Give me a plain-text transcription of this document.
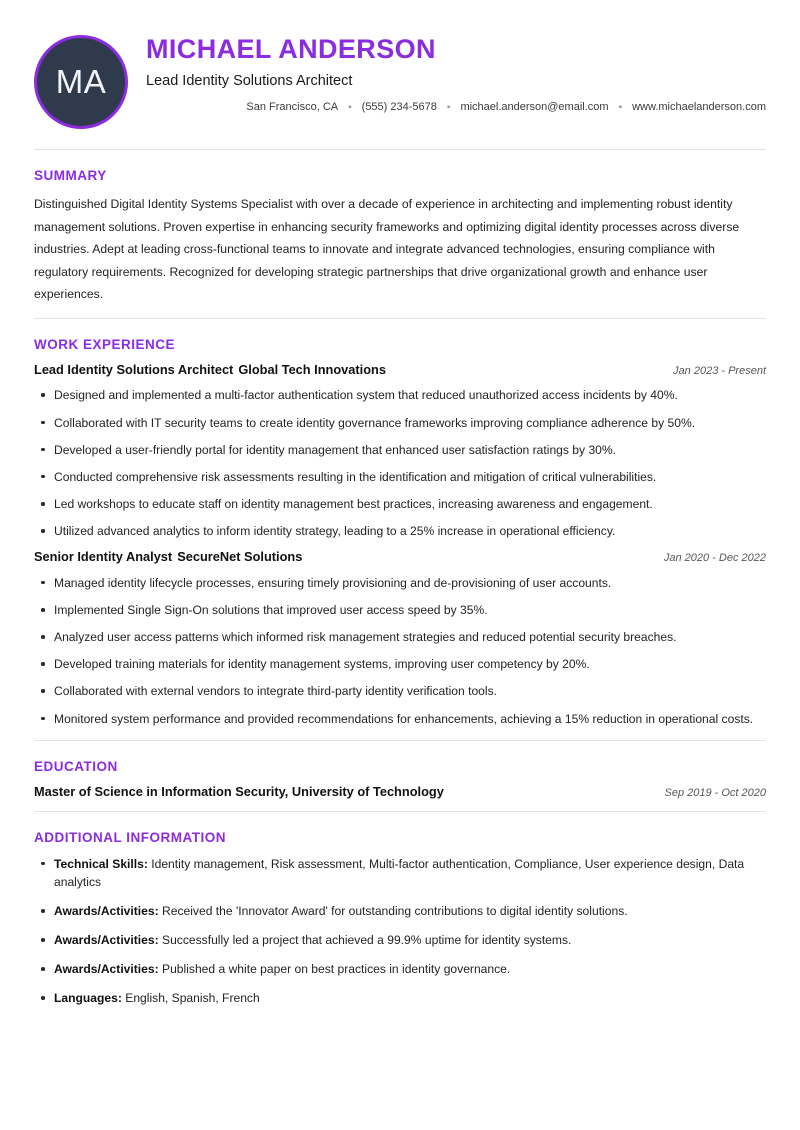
MA
MICHAEL ANDERSON
Lead Identity Solutions Architect
San Francisco, CA ▪ (555) 234-5678 ▪ michael.anderson@email.com ▪ www.michaelanderson.com
SUMMARY

Distinguished Digital Identity Systems Specialist with over a decade of experience in architecting and implementing robust identity management solutions. Proven expertise in enhancing security frameworks and optimizing digital identity processes across diverse industries. Adept at leading cross-functional teams to innovate and integrate advanced technologies, ensuring compliance with regulatory requirements. Recognized for developing strategic partnerships that drive organizational growth and enhance user experiences.

WORK EXPERIENCE
Lead Identity Solutions Architect Global Tech Innovations	Jan 2023 - Present
Designed and implemented a multi-factor authentication system that reduced unauthorized access incidents by 40%.
Collaborated with IT security teams to create identity governance frameworks improving compliance adherence by 50%.
Developed a user-friendly portal for identity management that enhanced user satisfaction ratings by 30%.
Conducted comprehensive risk assessments resulting in the identification and mitigation of critical vulnerabilities.
Led workshops to educate staff on identity management best practices, increasing awareness and engagement.
Utilized advanced analytics to inform identity strategy, leading to a 25% increase in operational efficiency.
Senior Identity Analyst SecureNet Solutions	Jan 2020 - Dec 2022
Managed identity lifecycle processes, ensuring timely provisioning and de-provisioning of user accounts.
Implemented Single Sign-On solutions that improved user access speed by 35%.
Analyzed user access patterns which informed risk management strategies and reduced potential security breaches.
Developed training materials for identity management systems, improving user competency by 20%.
Collaborated with external vendors to integrate third-party identity verification tools.
Monitored system performance and provided recommendations for enhancements, achieving a 15% reduction in operational costs.
EDUCATION
Master of Science in Information Security, University of Technology	Sep 2019 - Oct 2020
ADDITIONAL INFORMATION
Technical Skills: Identity management, Risk assessment, Multi-factor authentication, Compliance, User experience design, Data analytics
Awards/Activities: Received the 'Innovator Award' for outstanding contributions to digital identity solutions.
Awards/Activities: Successfully led a project that achieved a 99.9% uptime for identity systems.
Awards/Activities: Published a white paper on best practices in identity governance.
Languages: English, Spanish, French
